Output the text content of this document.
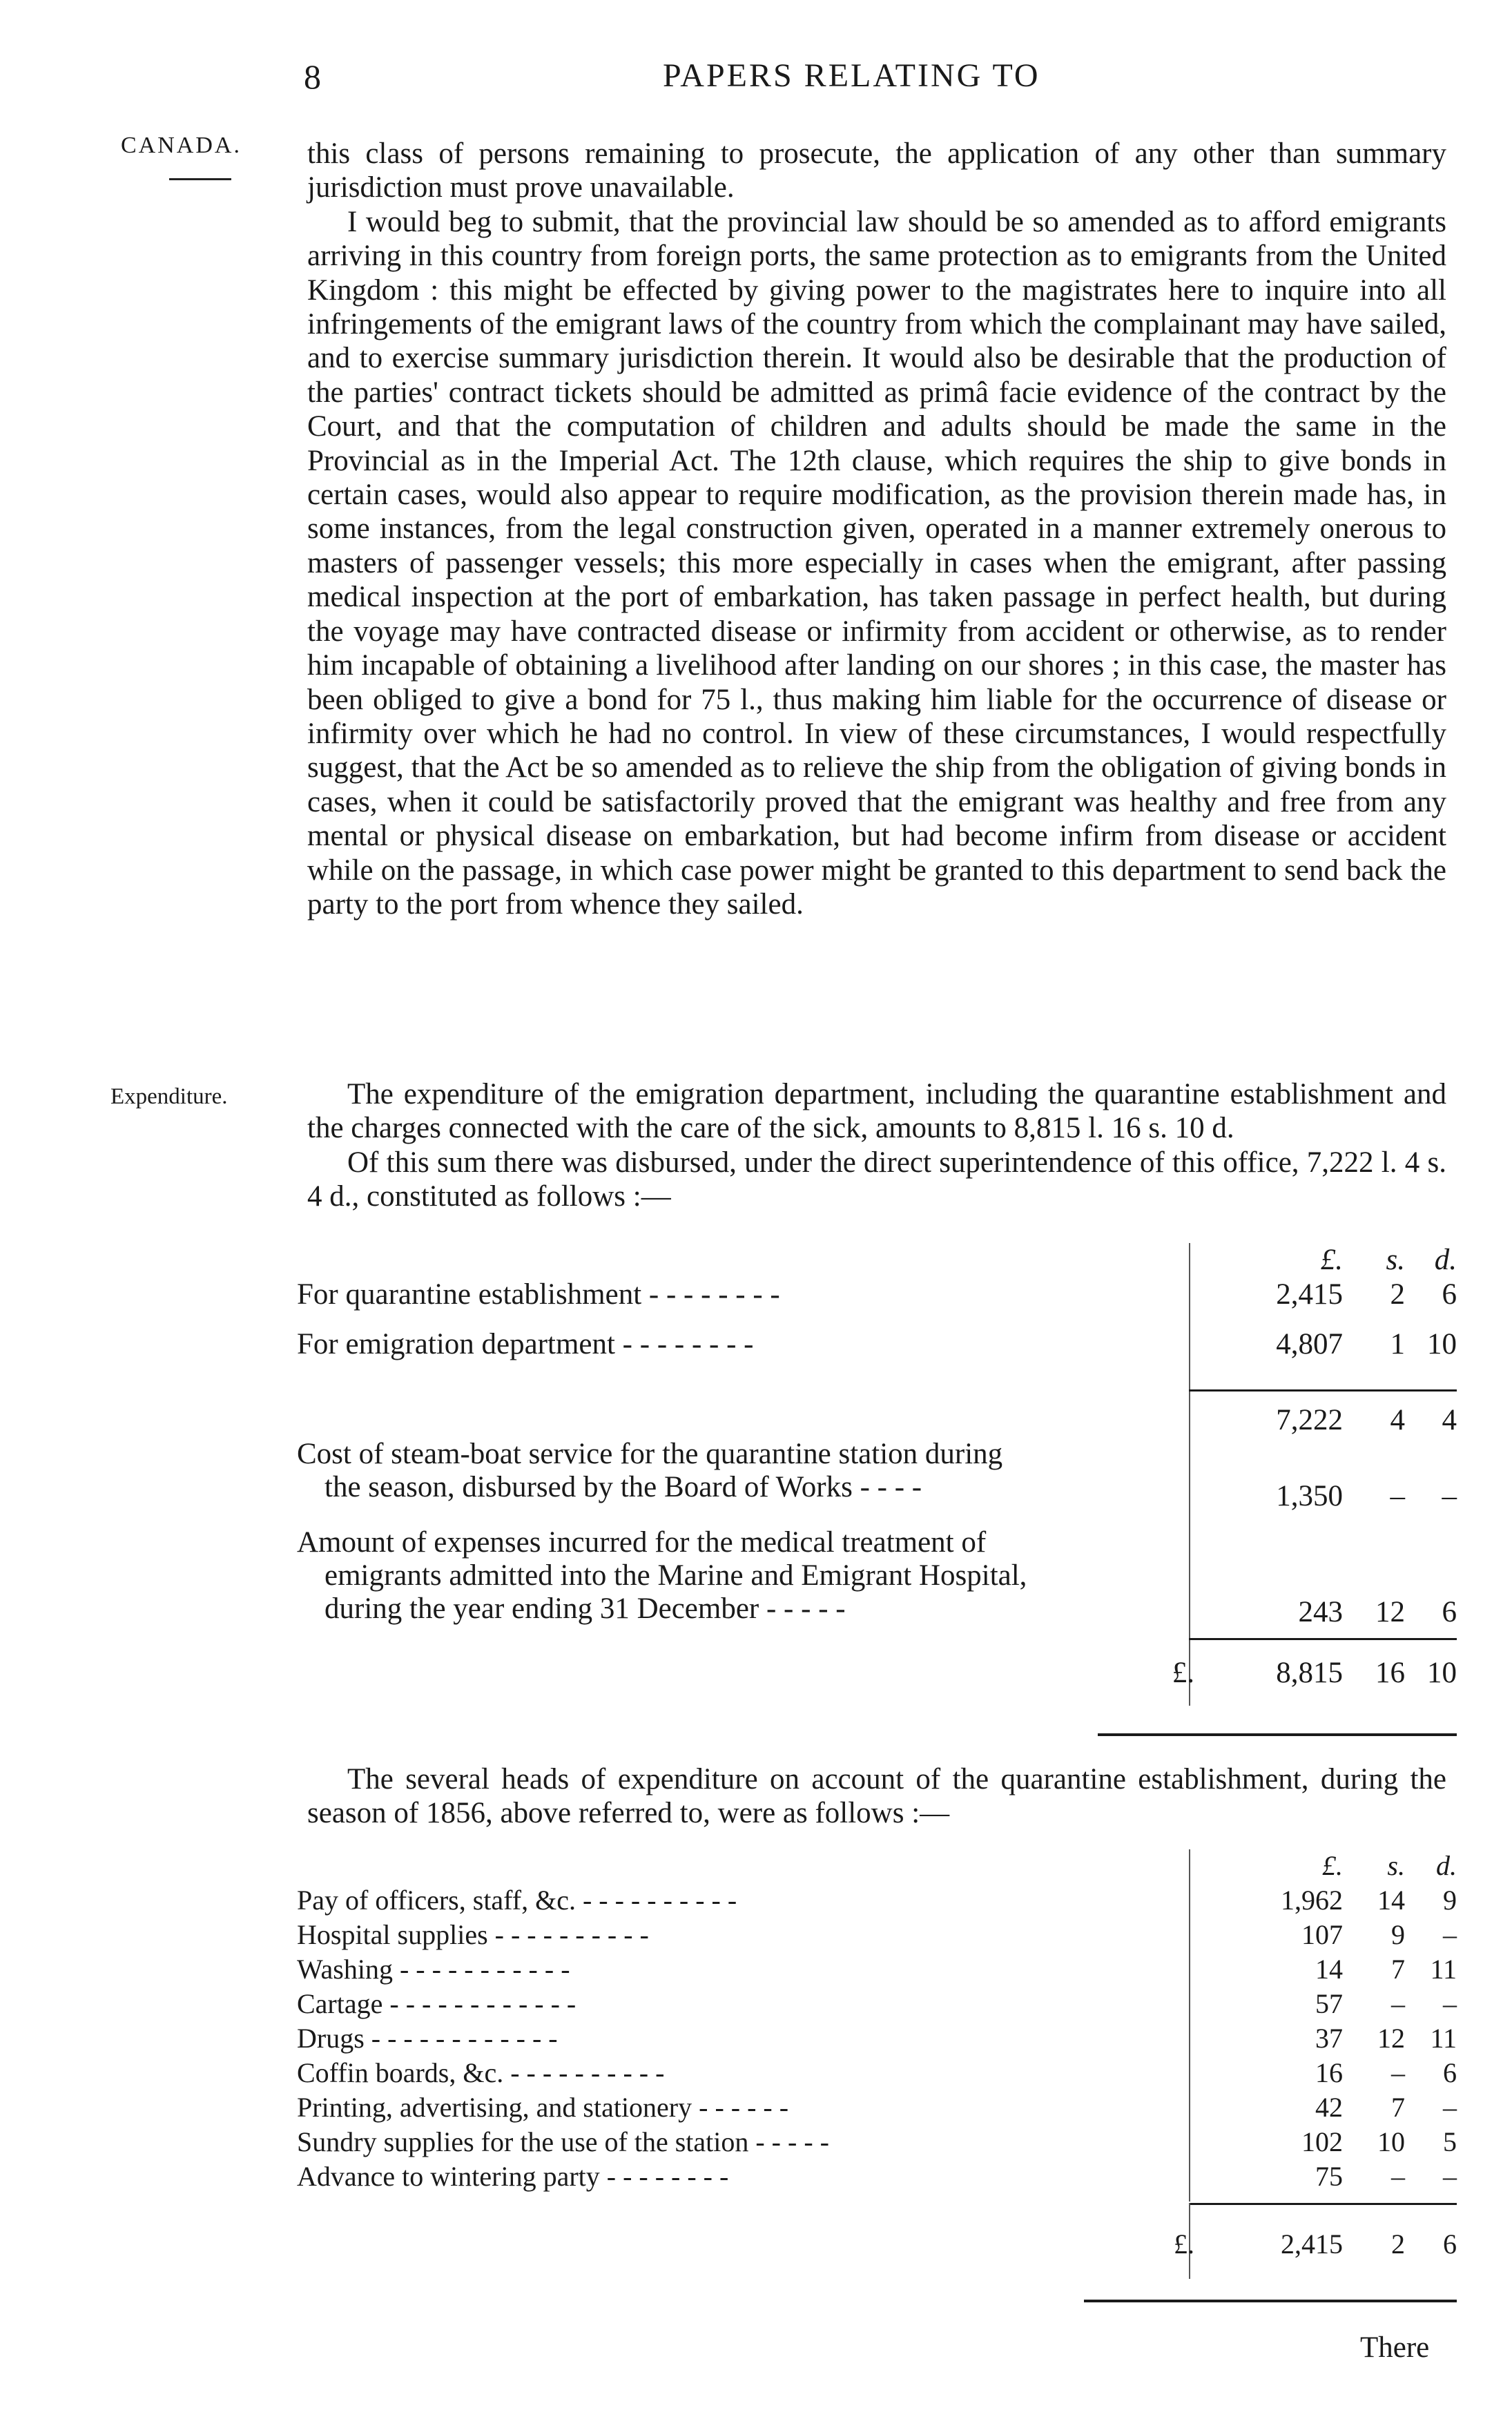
8	PAPERS RELATING TO
CANADA.
Expenditure.

this class of persons remaining to prosecute, the application of any other than summary jurisdiction must prove unavailable.

I would beg to submit, that the provincial law should be so amended as to afford emigrants arriving in this country from foreign ports, the same protection as to emigrants from the United Kingdom : this might be effected by giving power to the magistrates here to inquire into all infringements of the emigrant laws of the country from which the complainant may have sailed, and to exercise summary jurisdiction therein. It would also be desirable that the production of the parties' contract tickets should be admitted as primâ facie evidence of the contract by the Court, and that the computation of children and adults should be made the same in the Provincial as in the Imperial Act. The 12th clause, which requires the ship to give bonds in certain cases, would also appear to require modification, as the provision therein made has, in some instances, from the legal construction given, operated in a manner extremely onerous to masters of passenger vessels; this more especially in cases when the emigrant, after passing medical inspection at the port of embarkation, has taken passage in perfect health, but during the voyage may have contracted disease or infirmity from accident or otherwise, as to render him incapable of obtaining a livelihood after landing on our shores ; in this case, the master has been obliged to give a bond for 75 l., thus making him liable for the occurrence of disease or infirmity over which he had no control. In view of these circumstances, I would respectfully suggest, that the Act be so amended as to relieve the ship from the obligation of giving bonds in cases, when it could be satisfactorily proved that the emigrant was healthy and free from any mental or physical disease on embarkation, but had become infirm from disease or accident while on the passage, in which case power might be granted to this department to send back the party to the port from whence they sailed.

The expenditure of the emigration department, including the quarantine establishment and the charges connected with the care of the sick, amounts to 8,815 l. 16 s. 10 d.

Of this sum there was disbursed, under the direct superintendence of this office, 7,222 l. 4 s. 4 d., constituted as follows :—

£.	s. d.
For quarantine establishment - - - - - - - -	2,415	2	6
For emigration department - - - - - - - -	4,807	1 10
7,222	4	4
Cost of steam-boat service for the quarantine station during
the season, disbursed by the Board of Works - - - -	1,350	–	–
Amount of expenses incurred for the medical treatment of
emigrants admitted into the Marine and Emigrant Hospital,
during the year ending 31 December - - - - -	243	12	6
£.	8,815	16 10

The several heads of expenditure on account of the quarantine establishment, during the season of 1856, above referred to, were as follows :—

£.	s.	d.
Pay of officers, staff, &c. - - - - - - - - - -	1,962	14	9
Hospital supplies - - - - - - - - - -	107	9	–
Washing - - - - - - - - - - -	14	7 11
Cartage - - - - - - - - - - - -	57	–	–
Drugs - - - - - - - - - - - -	37	12 11
Coffin boards, &c. - - - - - - - - - -	16	–	6
Printing, advertising, and stationery - - - - - -	42	7	–
Sundry supplies for the use of the station - - - - -	102	10	5
Advance to wintering party - - - - - - - -	75	–	–
£.	2,415	2	6
There
